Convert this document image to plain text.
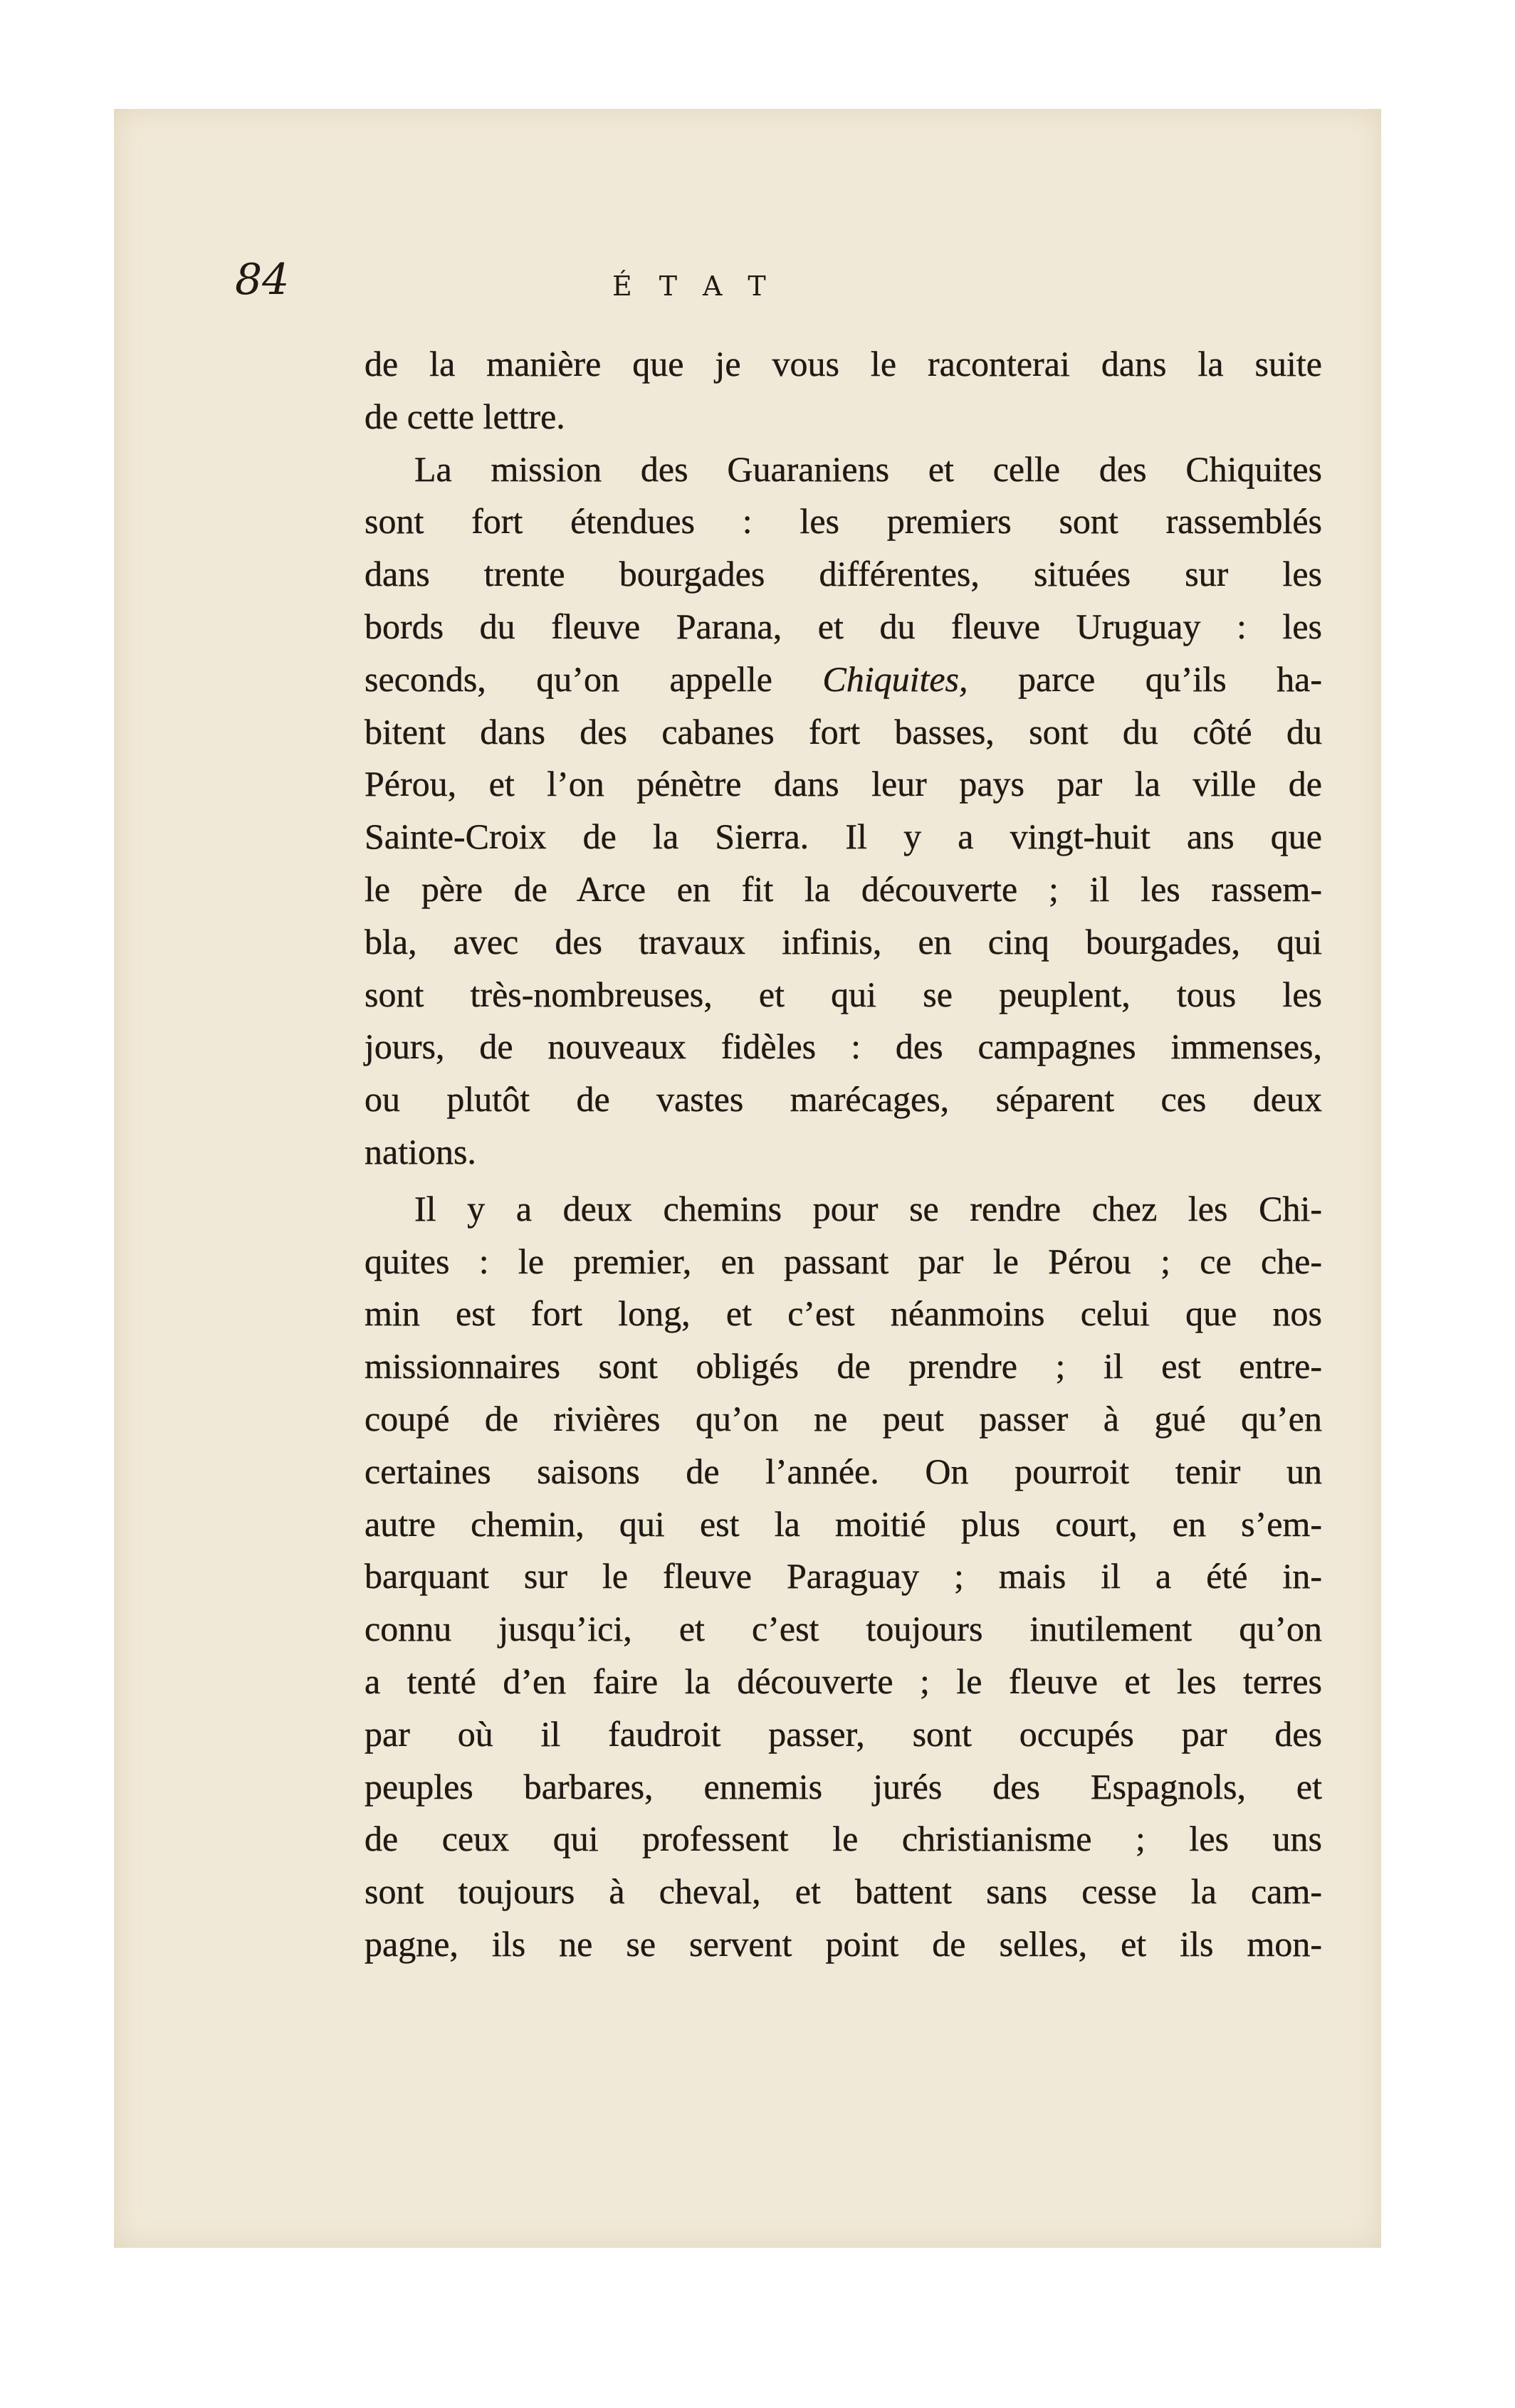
84	ÉTAT
de la manière que je vous le raconterai dans la suite
de cette lettre.
La mission des Guaraniens et celle des Chiquites
sont fort étendues : les premiers sont rassemblés
dans trente bourgades différentes, situées sur les
bords du fleuve Parana, et du fleuve Uruguay : les
seconds, qu’on appelle Chiquites, parce qu’ils ha-
bitent dans des cabanes fort basses, sont du côté du
Pérou, et l’on pénètre dans leur pays par la ville de
Sainte-Croix de la Sierra. Il y a vingt-huit ans que
le père de Arce en fit la découverte ; il les rassem-
bla, avec des travaux infinis, en cinq bourgades, qui
sont très-nombreuses, et qui se peuplent, tous les
jours, de nouveaux fidèles : des campagnes immenses,
ou plutôt de vastes marécages, séparent ces deux
nations.
Il y a deux chemins pour se rendre chez les Chi-
quites : le premier, en passant par le Pérou ; ce che-
min est fort long, et c’est néanmoins celui que nos
missionnaires sont obligés de prendre ; il est entre-
coupé de rivières qu’on ne peut passer à gué qu’en
certaines saisons de l’année. On pourroit tenir un
autre chemin, qui est la moitié plus court, en s’em-
barquant sur le fleuve Paraguay ; mais il a été in-
connu jusqu’ici, et c’est toujours inutilement qu’on
a tenté d’en faire la découverte ; le fleuve et les terres
par où il faudroit passer, sont occupés par des
peuples barbares, ennemis jurés des Espagnols, et
de ceux qui professent le christianisme ; les uns
sont toujours à cheval, et battent sans cesse la cam-
pagne, ils ne se servent point de selles, et ils mon-
